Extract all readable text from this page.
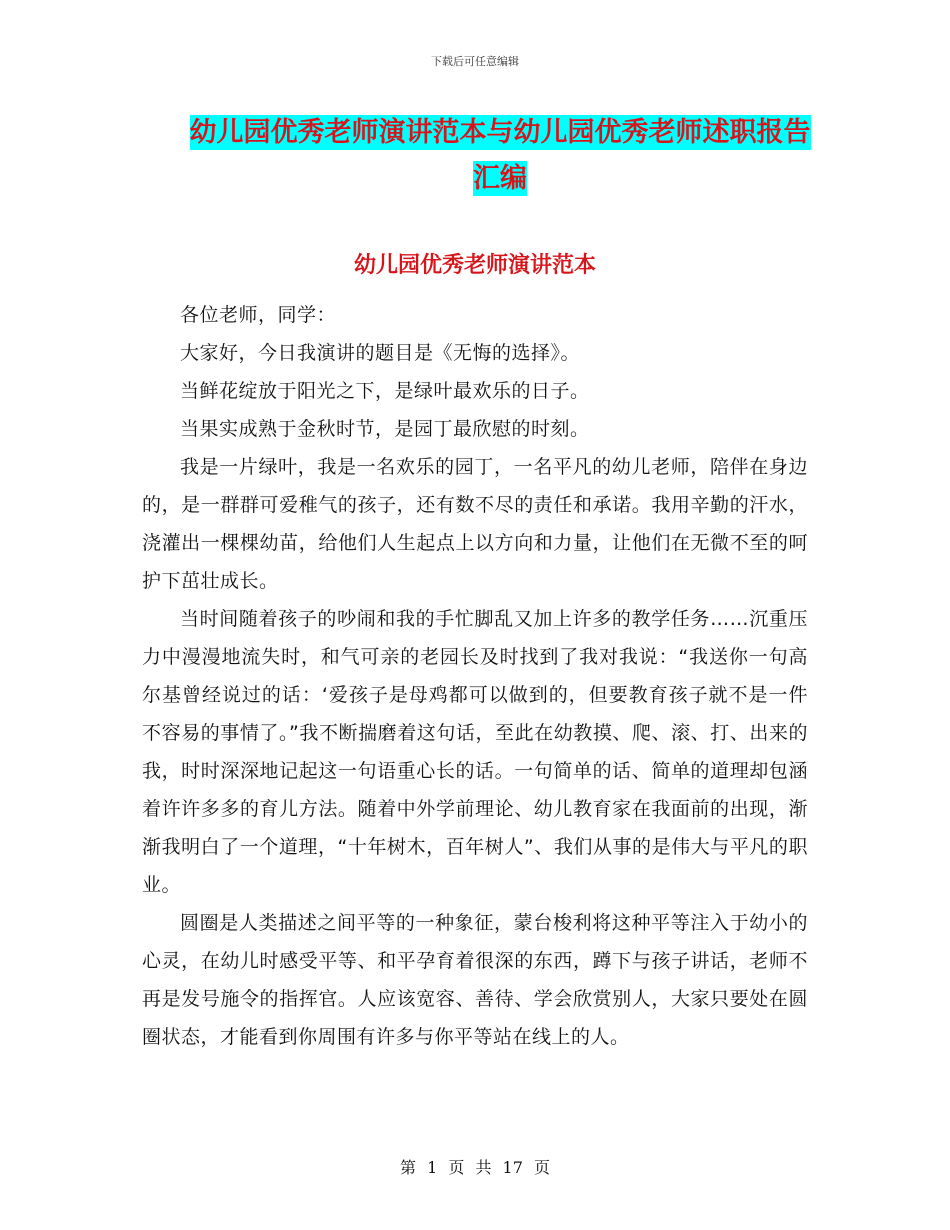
下载后可任意编辑
幼儿园优秀老师演讲范本与幼儿园优秀老师述职报告
汇编
幼儿园优秀老师演讲范本

各位老师，同学：

大家好，今日我演讲的题目是《无悔的选择》。

当鲜花绽放于阳光之下，是绿叶最欢乐的日子。

当果实成熟于金秋时节，是园丁最欣慰的时刻。

我是一片绿叶，我是一名欢乐的园丁，一名平凡的幼儿老师，陪伴在身边的，是一群群可爱稚气的孩子，还有数不尽的责任和承诺。我用辛勤的汗水，浇灌出一棵棵幼苗，给他们人生起点上以方向和力量，让他们在无微不至的呵护下茁壮成长。

当时间随着孩子的吵闹和我的手忙脚乱又加上许多的教学任务……沉重压力中漫漫地流失时，和气可亲的老园长及时找到了我对我说：“我送你一句高尔基曾经说过的话：‘爱孩子是母鸡都可以做到的，但要教育孩子就不是一件不容易的事情了。”我不断揣磨着这句话，至此在幼教摸、爬、滚、打、出来的我，时时深深地记起这一句语重心长的话。一句简单的话、简单的道理却包涵着许许多多的育儿方法。随着中外学前理论、幼儿教育家在我面前的出现，渐渐我明白了一个道理，“十年树木，百年树人”、我们从事的是伟大与平凡的职业。

圆圈是人类描述之间平等的一种象征，蒙台梭利将这种平等注入于幼小的心灵，在幼儿时感受平等、和平孕育着很深的东西，蹲下与孩子讲话，老师不再是发号施令的指挥官。人应该宽容、善待、学会欣赏别人，大家只要处在圆圈状态，才能看到你周围有许多与你平等站在线上的人。

第 1 页 共 17 页
